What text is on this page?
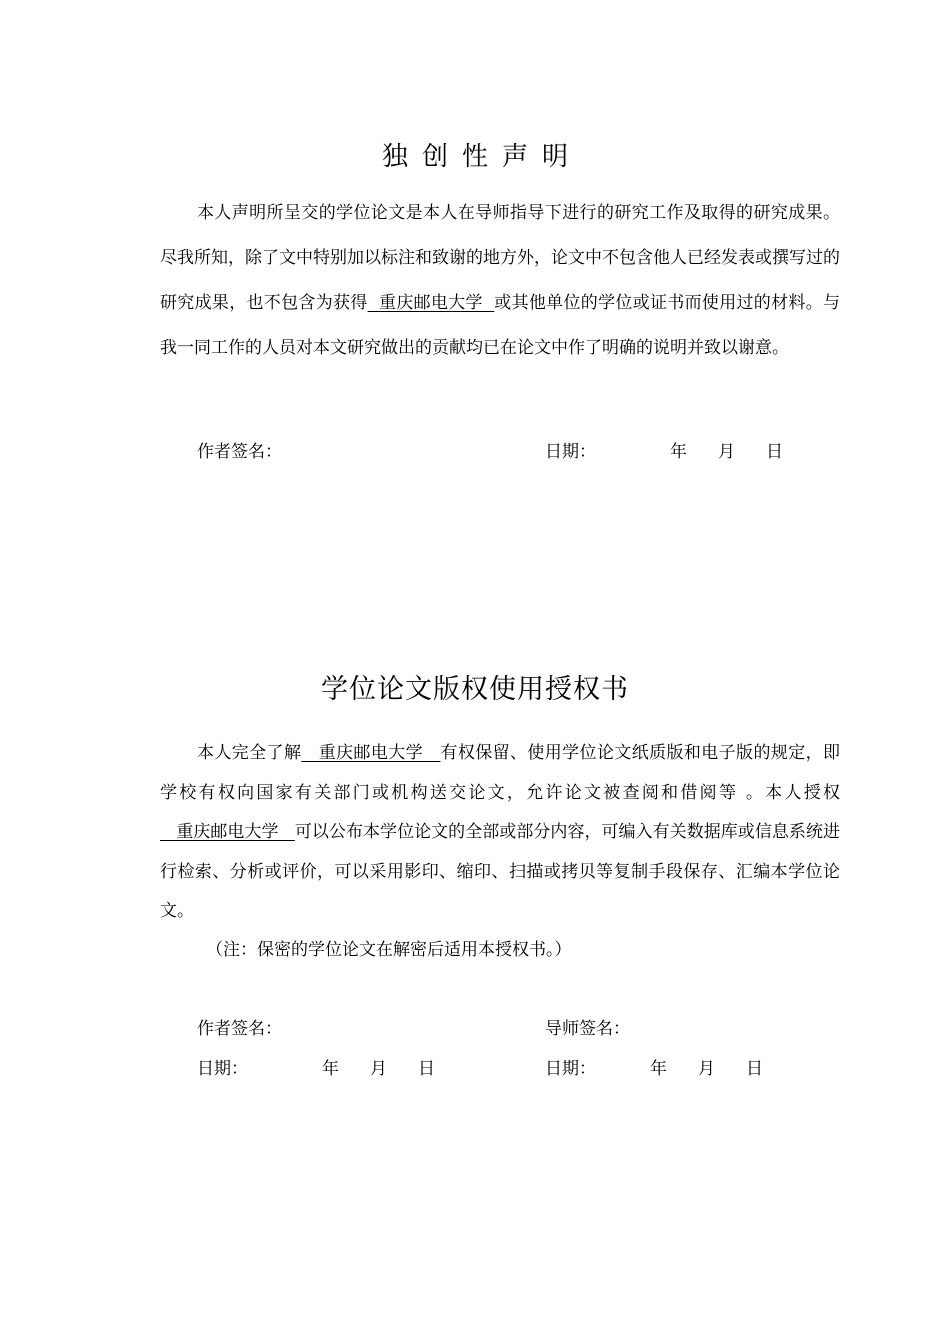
独创性声明
本人声明所呈交的学位论文是本人在导师指导下进行的研究工作及取得的研究成果。尽我所知，除了文中特别加以标注和致谢的地方外，论文中不包含他人已经发表或撰写过的研究成果，也不包含为获得  重庆邮电大学  或其他单位的学位或证书而使用过的材料。与我一同工作的人员对本文研究做出的贡献均已在论文中作了明确的说明并致以谢意。
作者签名：	日期：	年 月 日
学位论文版权使用授权书
本人完全了解   重庆邮电大学   有权保留、使用学位论文纸质版和电子版的规定，即学校有权向国家有关部门或机构送交论文，允许论文被查阅和借阅等 。本人授权   重庆邮电大学   可以公布本学位论文的全部或部分内容，可编入有关数据库或信息系统进行检索、分析或评价，可以采用影印、缩印、扫描或拷贝等复制手段保存、汇编本学位论文。
（注：保密的学位论文在解密后适用本授权书。）
作者签名：	导师签名：
日期：	年 月 日	日期：	年 月 日
